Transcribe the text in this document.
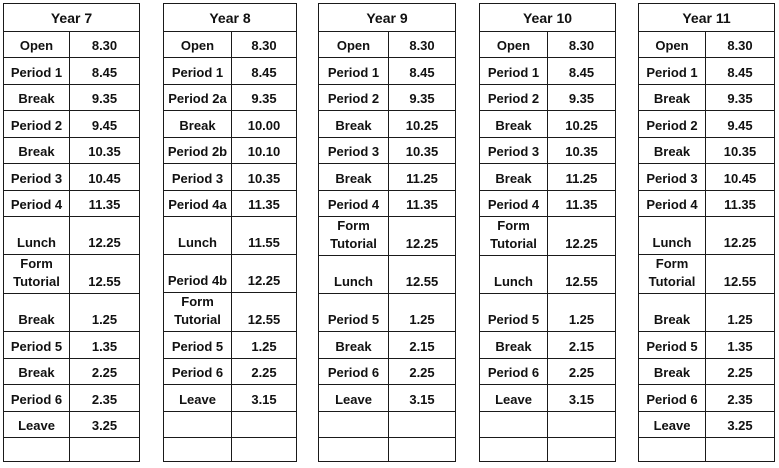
Year 7	

Open	8.30

Period 1	8.45

Break	9.35

Period 2	9.45

Break	10.35

Period 3	10.45

Period 4	11.35

Lunch	12.25

Form
Tutorial	12.55

Break	1.25

Period 5	1.35

Break	2.25

Period 6	2.35

Leave	3.25

Year 8	

Open	8.30

Period 1	8.45

Period 2a	9.35

Break	10.00

Period 2b	10.10

Period 3	10.35

Period 4a	11.35

Lunch	11.55

Period 4b	12.25

Form
Tutorial	12.55

Period 5	1.25

Period 6	2.25

Leave	3.15

Year 9	

Open	8.30

Period 1	8.45

Period 2	9.35

Break	10.25

Period 3	10.35

Break	11.25

Period 4	11.35

Form
Tutorial	12.25

Lunch	12.55

Period 5	1.25

Break	2.15

Period 6	2.25

Leave	3.15

Year 10	

Open	8.30

Period 1	8.45

Period 2	9.35

Break	10.25

Period 3	10.35

Break	11.25

Period 4	11.35

Form
Tutorial	12.25

Lunch	12.55

Period 5	1.25

Break	2.15

Period 6	2.25

Leave	3.15

Year 11	

Open	8.30

Period 1	8.45

Break	9.35

Period 2	9.45

Break	10.35

Period 3	10.45

Period 4	11.35

Lunch	12.25

Form
Tutorial	12.55

Break	1.25

Period 5	1.35

Break	2.25

Period 6	2.35

Leave	3.25
